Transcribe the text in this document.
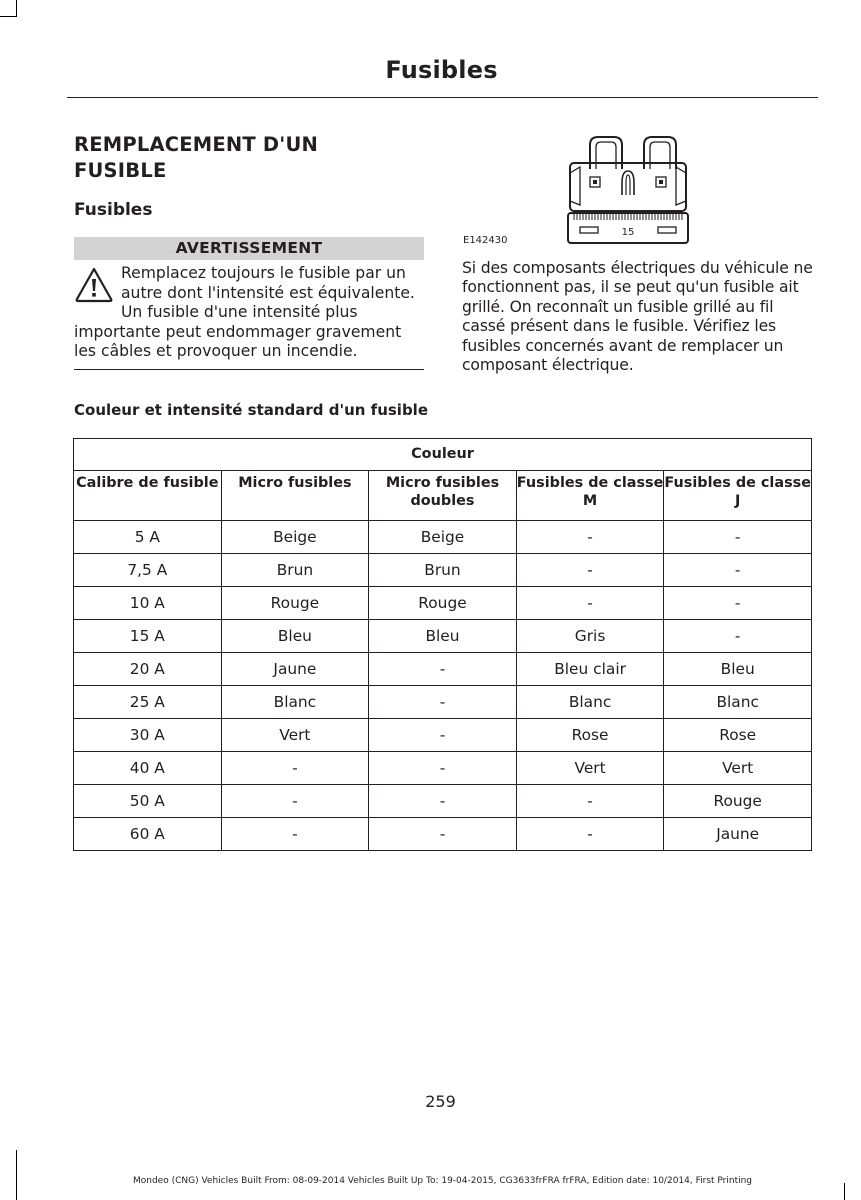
Fusibles
REMPLACEMENT D'UN FUSIBLE
Fusibles
AVERTISSEMENT
Remplacez toujours le fusible par un autre dont l'intensité est équivalente. Un fusible d'une intensité plus importante peut endommager gravement les câbles et provoquer un incendie.
15
E142430
Si des composants électriques du véhicule ne fonctionnent pas, il se peut qu'un fusible ait grillé. On reconnaît un fusible grillé au fil cassé présent dans le fusible. Vérifiez les fusibles concernés avant de remplacer un composant électrique.
Couleur et intensité standard d'un fusible
Couleur				
Calibre de fusible	Micro fusibles	Micro fusibles doubles	Fusibles de classe M	Fusibles de classe J
5 A	Beige	Beige	-	-
7,5 A	Brun	Brun	-	-
10 A	Rouge	Rouge	-	-
15 A	Bleu	Bleu	Gris	-
20 A	Jaune	-	Bleu clair	Bleu
25 A	Blanc	-	Blanc	Blanc
30 A	Vert	-	Rose	Rose
40 A	-	-	Vert	Vert
50 A	-	-	-	Rouge
60 A	-	-	-	Jaune
259
Mondeo (CNG) Vehicles Built From: 08-09-2014 Vehicles Built Up To: 19-04-2015, CG3633frFRA frFRA, Edition date: 10/2014, First Printing
